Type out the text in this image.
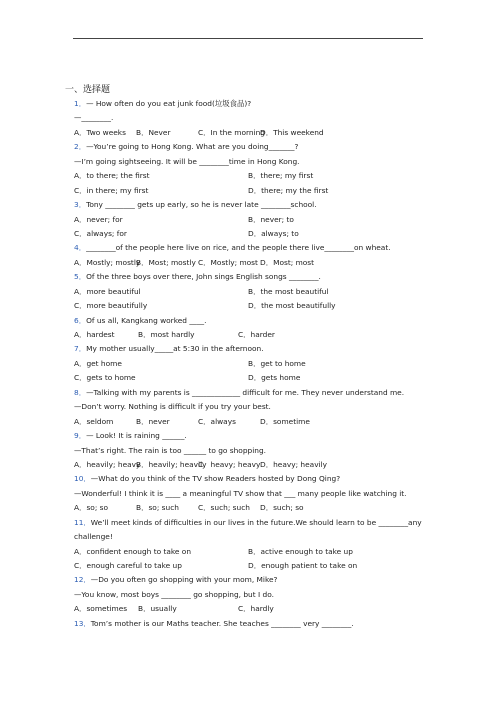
一、选择题
1．— How often do you eat junk food(垃圾食品)?
—________.
A．Two weeks	B．Never	C．In the morning
D．This weekend
2．—You’re going to Hong Kong. What are you doing_______?
—I’m going sightseeing. It will be ________time in Hong Kong.
A．to there; the first	B．there; my first
C．in there; my first	D．there; my the first
3．Tony ________ gets up early, so he is never late ________school.
A．never; for	B．never; to
C．always; for	D．always; to
4．________of the people here live on rice, and the people there live________on wheat.
A．Mostly; mostly
B．Most; mostly C．Mostly; most D．Most; most
5．Of the three boys over there, John sings English songs ________.
A．more beautiful	B．the most beautiful
C．more beautifully	D．the most beautifully
6．Of us all, Kangkang worked ____.
A．hardest	B．most hardly	C．harder
7．My mother usually_____at 5:30 in the afternoon.
A．get home	B．get to home
C．gets to home	D．gets home
8．—Talking with my parents is _____________ difficult for me. They never understand me.
—Don’t worry. Nothing is difficult if you try your best.
A．seldom	B．never	C．always	D．sometime
9．— Look! It is raining ______.
—That’s right. The rain is too ______ to go shopping.
A．heavily; heavy
B．heavily; heavily
C．heavy; heavy D．heavy; heavily
10．—What do you think of the TV show Readers hosted by Dong Qing?
—Wonderful! I think it is ____ a meaningful TV show that ___ many people like watching it.
A．so; so	B．so; such	C．such; such	D．such; so
11．We’ll meet kinds of difficulties in our lives in the future.We should learn to be ________any
challenge!
A．confident enough to take on	B．active enough to take up
C．enough careful to take up	D．enough patient to take on
12．—Do you often go shopping with your mom, Mike?
—You know, most boys ________ go shopping, but I do.
A．sometimes	B．usually	C．hardly
13．Tom’s mother is our Maths teacher. She teaches ________ very ________.
